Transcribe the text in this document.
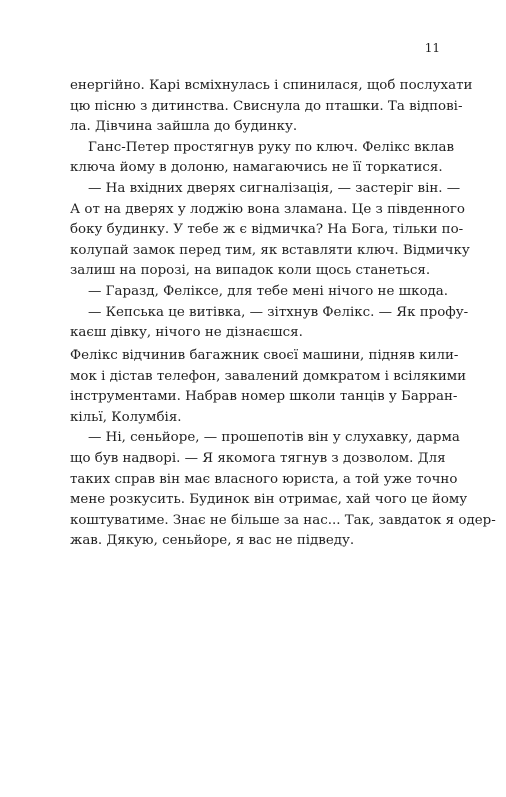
11
енергійно. Карі всміхнулась і спинилася, щоб послухати
цю пісню з дитинства. Свиснула до пташки. Та відпові-
ла. Дівчина зайшла до будинку.
Ганс-Петер простягнув руку по ключ. Фелікс вклав
ключа йому в долоню, намагаючись не її торкатися.
— На вхідних дверях сигналізація, — застеріг він. —
А от на дверях у лоджію вона зламана. Це з південного
боку будинку. У тебе ж є відмичка? На Бога, тільки по-
колупай замок перед тим, як вставляти ключ. Відмичку
залиш на порозі, на випадок коли щось станеться.
— Гаразд, Феліксе, для тебе мені нічого не шкода.
— Кепська це витівка, — зітхнув Фелікс. — Як профу-
каєш дівку, нічого не дізнаєшся.
Фелікс відчинив багажник своєї машини, підняв кили-
мок і дістав телефон, завалений домкратом і всілякими
інструментами. Набрав номер школи танців у Барран-
кільї, Колумбія.
— Ні, сеньйоре, — прошепотів він у слухавку, дарма
що був надворі. — Я якомога тягнув з дозволом. Для
таких справ він має власного юриста, а той уже точно
мене розкусить. Будинок він отримає, хай чого це йому
коштуватиме. Знає не більше за нас... Так, завдаток я одер-
жав. Дякую, сеньйоре, я вас не підведу.
